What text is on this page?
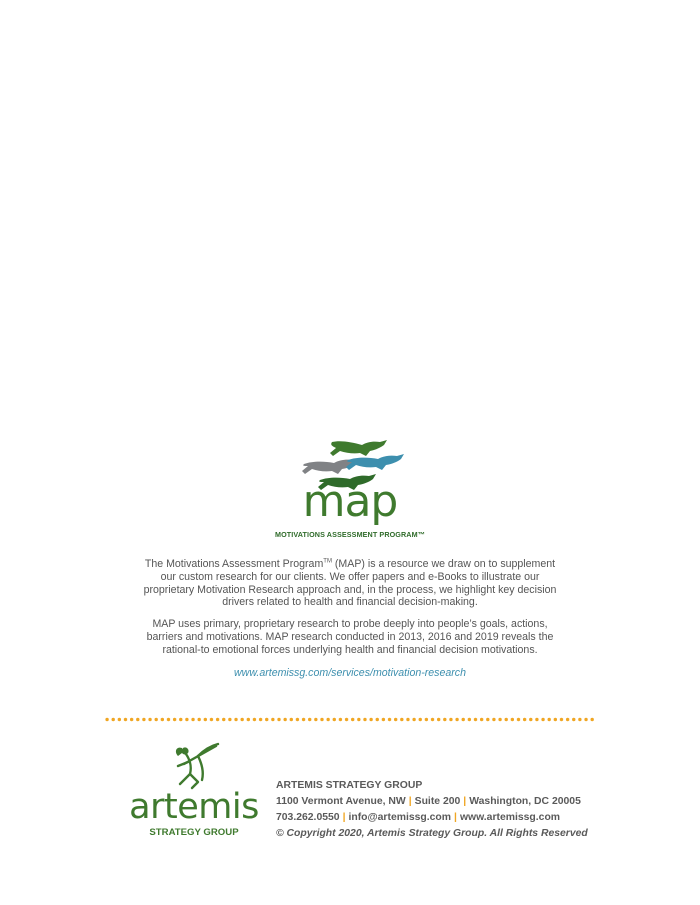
map
MOTIVATIONS ASSESSMENT PROGRAM™
The Motivations Assessment Program™ (MAP) is a resource we draw on to supplement our custom research for our clients. We offer papers and e-Books to illustrate our proprietary Motivation Research approach and, in the process, we highlight key decision drivers related to health and financial decision-making.
MAP uses primary, proprietary research to probe deeply into people’s goals, actions, barriers and motivations. MAP research conducted in 2013, 2016 and 2019 reveals the rational-to emotional forces underlying health and financial decision motivations.
www.artemissg.com/services/motivation-research
artemis
STRATEGY GROUP
ARTEMIS STRATEGY GROUP
1100 Vermont Avenue, NW | Suite 200 | Washington, DC 20005
703.262.0550 | info@artemissg.com | www.artemissg.com
© Copyright 2020, Artemis Strategy Group. All Rights Reserved
